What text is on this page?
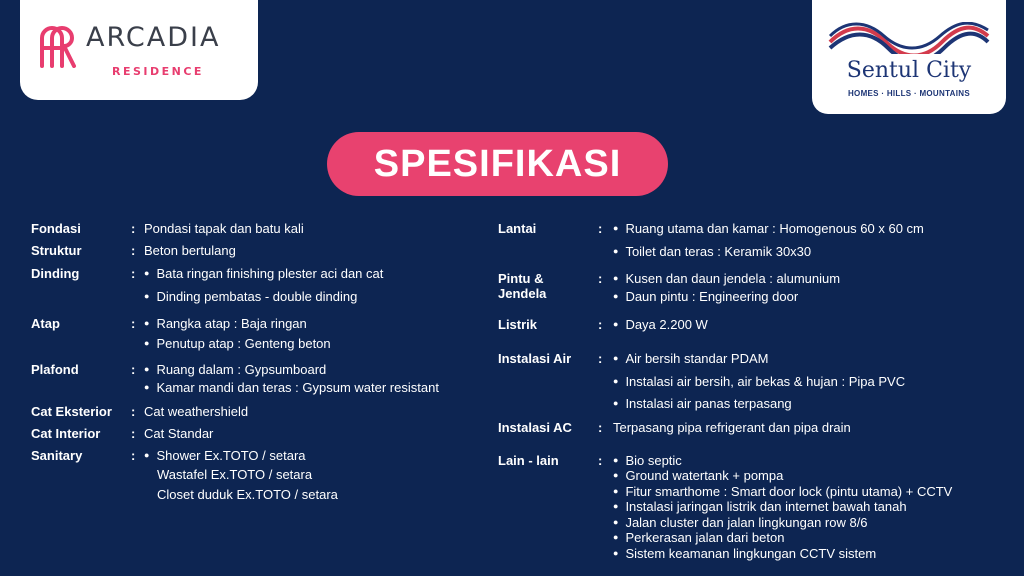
ARCADIA
RESIDENCE	Sentul City
HOMES · HILLS · MOUNTAINS
SPESIFIKASI
Fondasi	: Pondasi tapak dan batu kali
Struktur	: Beton bertulang
Dinding	:	● Bata ringan finishing plester aci dan cat
● Dinding pembatas - double dinding
Atap	:	● Rangka atap : Baja ringan
● Penutup atap : Genteng beton
Plafond	:	● Ruang dalam : Gypsumboard
● Kamar mandi dan teras : Gypsum water resistant
Cat Eksterior : Cat weathershield
Cat Interior : Cat Standar
Sanitary	:	● Shower Ex.TOTO / setara
Wastafel Ex.TOTO / setara
Closet duduk Ex.TOTO / setara
Lantai	:	● Ruang utama dan kamar : Homogenous 60 x 60 cm
● Toilet dan teras : Keramik 30x30
Pintu & Jendela
:	● Kusen dan daun jendela : alumunium
● Daun pintu : Engineering door
Listrik	:	● Daya 2.200 W
Instalasi Air :	● Air bersih standar PDAM
● Instalasi air bersih, air bekas & hujan : Pipa PVC
● Instalasi air panas terpasang
Instalasi AC : Terpasang pipa refrigerant dan pipa drain
Lain - lain	:	● Bio septic
● Ground watertank + pompa
● Fitur smarthome : Smart door lock (pintu utama) + CCTV
● Instalasi jaringan listrik dan internet bawah tanah
● Jalan cluster dan jalan lingkungan row 8/6
● Perkerasan jalan dari beton
● Sistem keamanan lingkungan CCTV sistem
